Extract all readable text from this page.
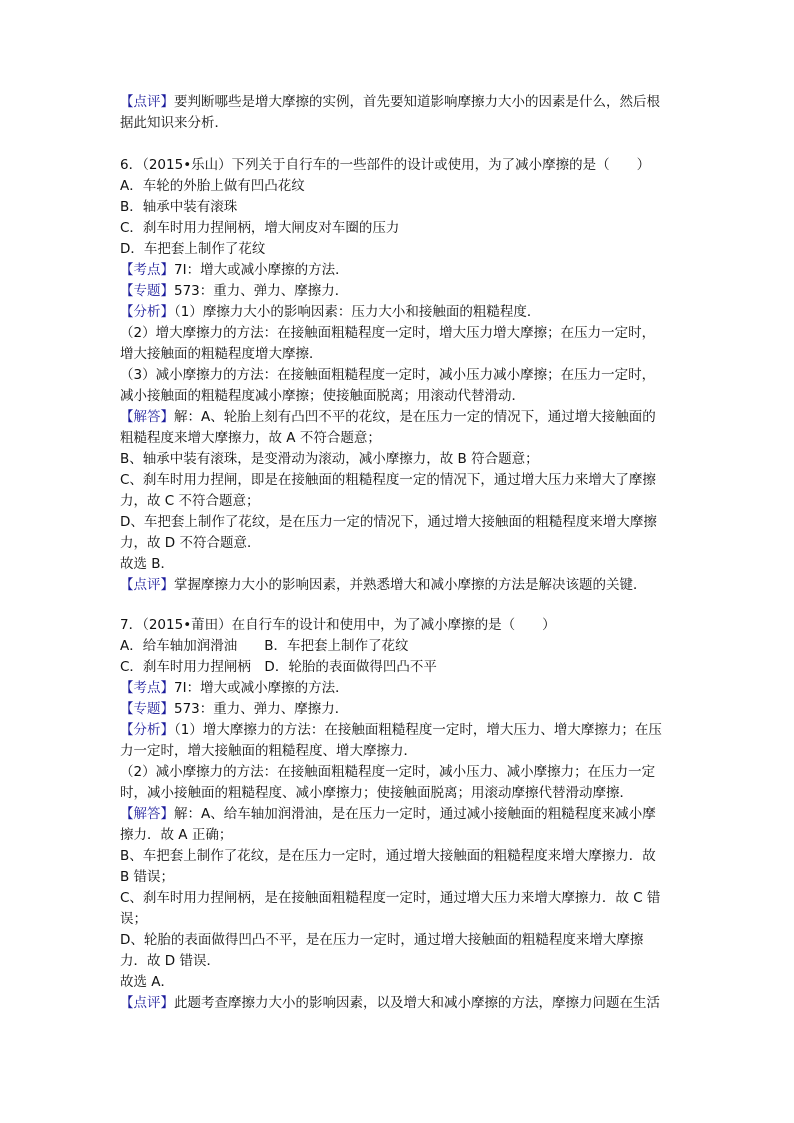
【点评】要判断哪些是增大摩擦的实例，首先要知道影响摩擦力大小的因素是什么，然后根
据此知识来分析．
6．（2015•乐山）下列关于自行车的一些部件的设计或使用，为了减小摩擦的是（　　）
A．车轮的外胎上做有凹凸花纹
B．轴承中装有滚珠
C．刹车时用力捏闸柄，增大闸皮对车圈的压力
D．车把套上制作了花纹
【考点】7I：增大或减小摩擦的方法．
【专题】573：重力、弹力、摩擦力．
【分析】（1）摩擦力大小的影响因素：压力大小和接触面的粗糙程度．
（2）增大摩擦力的方法：在接触面粗糙程度一定时，增大压力增大摩擦；在压力一定时，
增大接触面的粗糙程度增大摩擦．
（3）减小摩擦力的方法：在接触面粗糙程度一定时，减小压力减小摩擦；在压力一定时，
减小接触面的粗糙程度减小摩擦；使接触面脱离；用滚动代替滑动．
【解答】解：A、轮胎上刻有凸凹不平的花纹，是在压力一定的情况下，通过增大接触面的
粗糙程度来增大摩擦力，故 A 不符合题意；
B、轴承中装有滚珠，是变滑动为滚动，减小摩擦力，故 B 符合题意；
C、刹车时用力捏闸，即是在接触面的粗糙程度一定的情况下，通过增大压力来增大了摩擦
力，故 C 不符合题意；
D、车把套上制作了花纹，是在压力一定的情况下，通过增大接触面的粗糙程度来增大摩擦
力，故 D 不符合题意．
故选 B．
【点评】掌握摩擦力大小的影响因素，并熟悉增大和减小摩擦的方法是解决该题的关键．
7．（2015•莆田）在自行车的设计和使用中，为了减小摩擦的是（　　）
A．给车轴加润滑油　　B．车把套上制作了花纹
C．刹车时用力捏闸柄　D．轮胎的表面做得凹凸不平
【考点】7I：增大或减小摩擦的方法．
【专题】573：重力、弹力、摩擦力．
【分析】（1）增大摩擦力的方法：在接触面粗糙程度一定时，增大压力、增大摩擦力；在压
力一定时，增大接触面的粗糙程度、增大摩擦力．
（2）减小摩擦力的方法：在接触面粗糙程度一定时，减小压力、减小摩擦力；在压力一定
时，减小接触面的粗糙程度、减小摩擦力；使接触面脱离；用滚动摩擦代替滑动摩擦．
【解答】解：A、给车轴加润滑油，是在压力一定时，通过减小接触面的粗糙程度来减小摩
擦力．故 A 正确；
B、车把套上制作了花纹，是在压力一定时，通过增大接触面的粗糙程度来增大摩擦力．故
B 错误；
C、刹车时用力捏闸柄，是在接触面粗糙程度一定时，通过增大压力来增大摩擦力．故 C 错
误；
D、轮胎的表面做得凹凸不平，是在压力一定时，通过增大接触面的粗糙程度来增大摩擦
力．故 D 错误．
故选 A．
【点评】此题考查摩擦力大小的影响因素，以及增大和减小摩擦的方法，摩擦力问题在生活
